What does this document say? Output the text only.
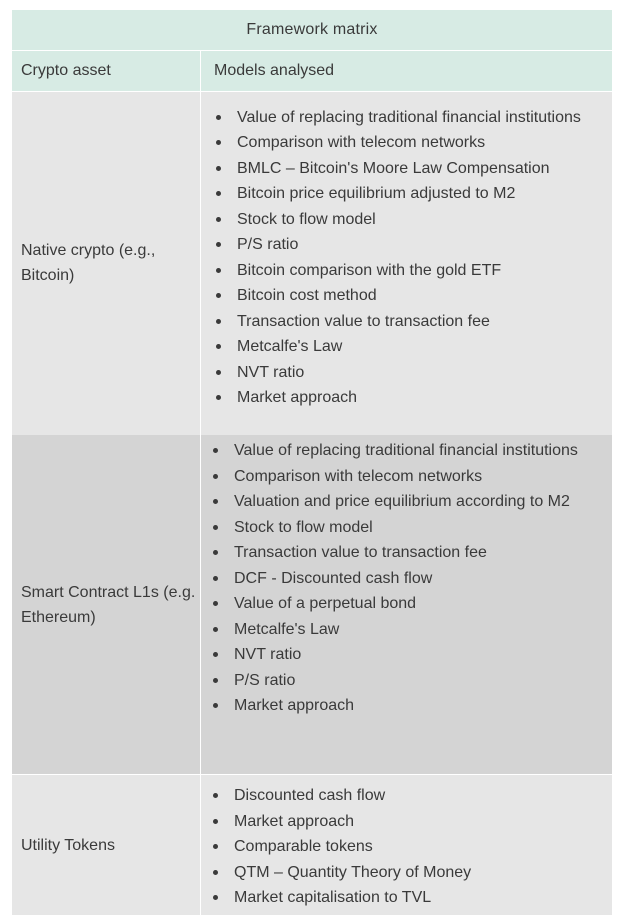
Framework matrix
Crypto asset	Models analysed
Native crypto (e.g., Bitcoin)
Value of replacing traditional financial institutions
Comparison with telecom networks
BMLC – Bitcoin's Moore Law Compensation
Bitcoin price equilibrium adjusted to M2
Stock to flow model
P/S ratio
Bitcoin comparison with the gold ETF
Bitcoin cost method
Transaction value to transaction fee
Metcalfe's Law
NVT ratio
Market approach
Smart Contract L1s (e.g. Ethereum)
Value of replacing traditional financial institutions
Comparison with telecom networks
Valuation and price equilibrium according to M2
Stock to flow model
Transaction value to transaction fee
DCF - Discounted cash flow
Value of a perpetual bond
Metcalfe's Law
NVT ratio
P/S ratio
Market approach
Utility Tokens
Discounted cash flow
Market approach
Comparable tokens
QTM – Quantity Theory of Money
Market capitalisation to TVL
